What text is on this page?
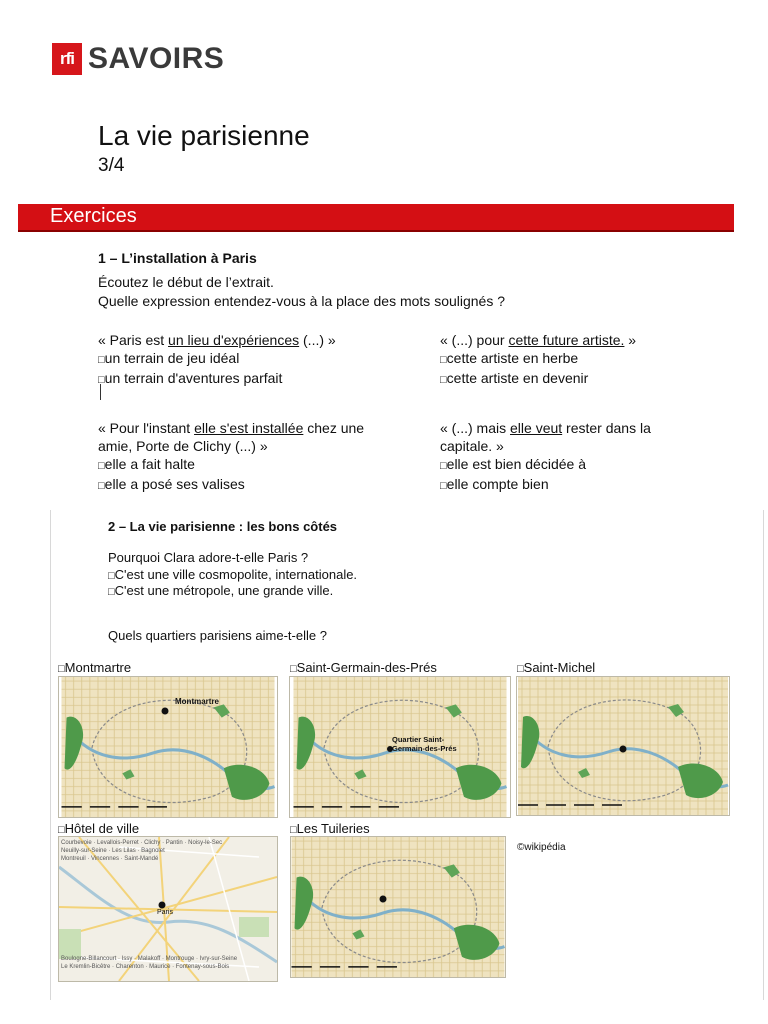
rfi SAVOIRS
La vie parisienne
3/4
Exercices
1 – L’installation à Paris
Écoutez le début de l’extrait.
Quelle expression entendez-vous à la place des mots soulignés ?
« Paris est un lieu d'expériences (...) »
□ un terrain de jeu idéal
□ un terrain d'aventures parfait
« (...) pour cette future artiste. »
□ cette artiste en herbe
□ cette artiste en devenir
« Pour l'instant elle s'est installée chez une amie, Porte de Clichy (...) »
□ elle a fait halte
□ elle a posé ses valises
« (...) mais elle veut rester dans la capitale. »
□ elle est bien décidée à
□ elle compte bien
2 – La vie parisienne : les bons côtés
Pourquoi Clara adore-t-elle Paris ?
□ C'est une ville cosmopolite, internationale.
□ C'est une métropole, une grande ville.
Quels quartiers parisiens aime-t-elle ?
□ Montmartre	□ Saint-Germain-des-Prés	□ Saint-Michel
□ Hôtel de ville	□ Les Tuileries
©wikipédia
Montmartre
Quartier Saint-Germain-des-Prés
Paris
Courbevoie · Levallois-Perret · Clichy · Pantin · Noisy-le-Sec
Neuilly-sur-Seine · Les Lilas · Bagnolet
Montreuil · Vincennes · Saint-Mandé
Boulogne-Billancourt · Issy · Malakoff · Montrouge · Ivry-sur-Seine
Le Kremlin-Bicêtre · Charenton · Maurice · Fontenay-sous-Bois
